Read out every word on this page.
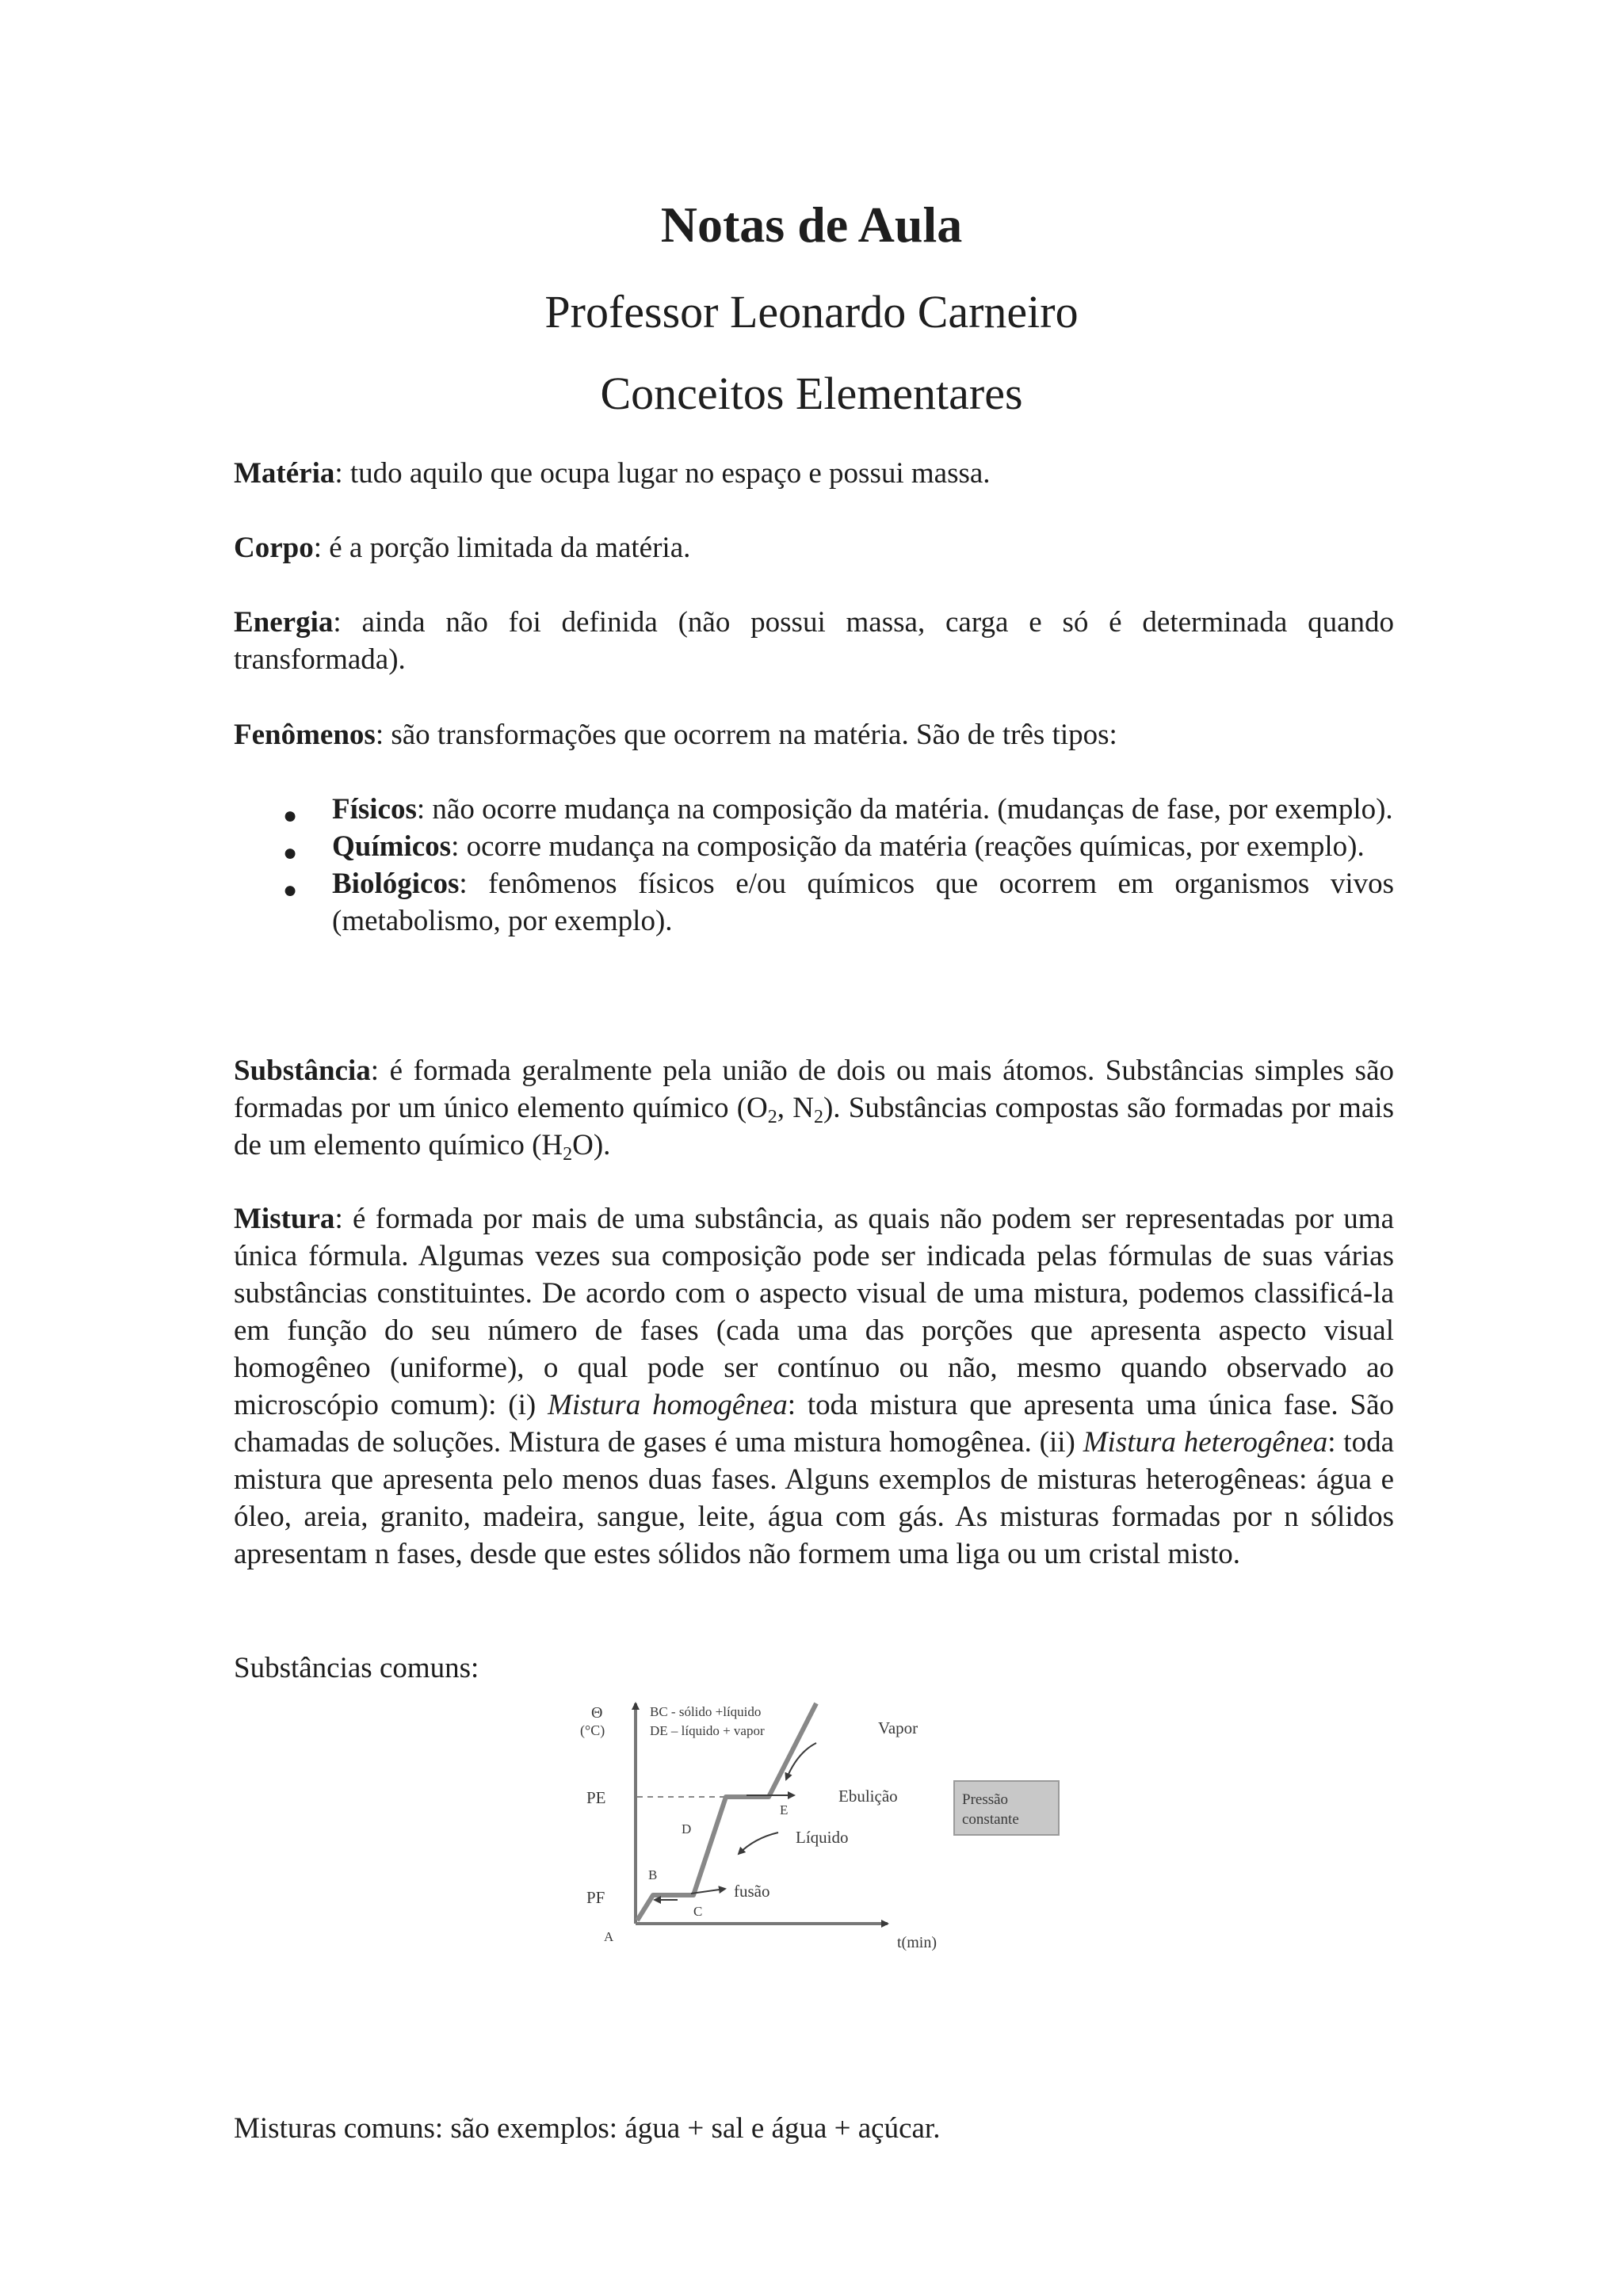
Notas de Aula
Professor Leonardo Carneiro
Conceitos Elementares

Matéria: tudo aquilo que ocupa lugar no espaço e possui massa.

Corpo: é a porção limitada da matéria.

Energia: ainda não foi definida (não possui massa, carga e só é determinada quando transformada).

Fenômenos: são transformações que ocorrem na matéria. São de três tipos:

● Físicos: não ocorre mudança na composição da matéria. (mudanças de fase, por exemplo).
● Químicos: ocorre mudança na composição da matéria (reações químicas, por exemplo).
● Biológicos: fenômenos físicos e/ou químicos que ocorrem em organismos vivos (metabolismo, por exemplo).

Substância: é formada geralmente pela união de dois ou mais átomos. Substâncias simples são formadas por um único elemento químico ($O_2$, $N_2$). Substâncias compostas são formadas por mais de um elemento químico $(H_2O)$.

Mistura: é formada por mais de uma substância, as quais não podem ser representadas por uma única fórmula. Algumas vezes sua composição pode ser indicada pelas fórmulas de suas várias substâncias constituintes. De acordo com o aspecto visual de uma mistura, podemos classificá-la em função do seu número de fases (cada uma das porções que apresenta aspecto visual homogêneo (uniforme), o qual pode ser contínuo ou não, mesmo quando observado ao microscópio comum): (i) Mistura homogênea: toda mistura que apresenta uma única fase. São chamadas de soluções. Mistura de gases é uma mistura homogênea. (ii) Mistura heterogênea: toda mistura que apresenta pelo menos duas fases. Alguns exemplos de misturas heterogêneas: água e óleo, areia, granito, madeira, sangue, leite, água com gás. As misturas formadas por n sólidos apresentam n fases, desde que estes sólidos não formem uma liga ou um cristal misto.

Substâncias comuns:

Θ
(°C)
PE
PF
t(min)
BC - sólido +líquido
DE – líquido + vapor
A
B
C
D
E
Vapor
Ebulição
Líquido
fusão
Pressão
constante

Misturas comuns: são exemplos: água + sal e água + açúcar.
